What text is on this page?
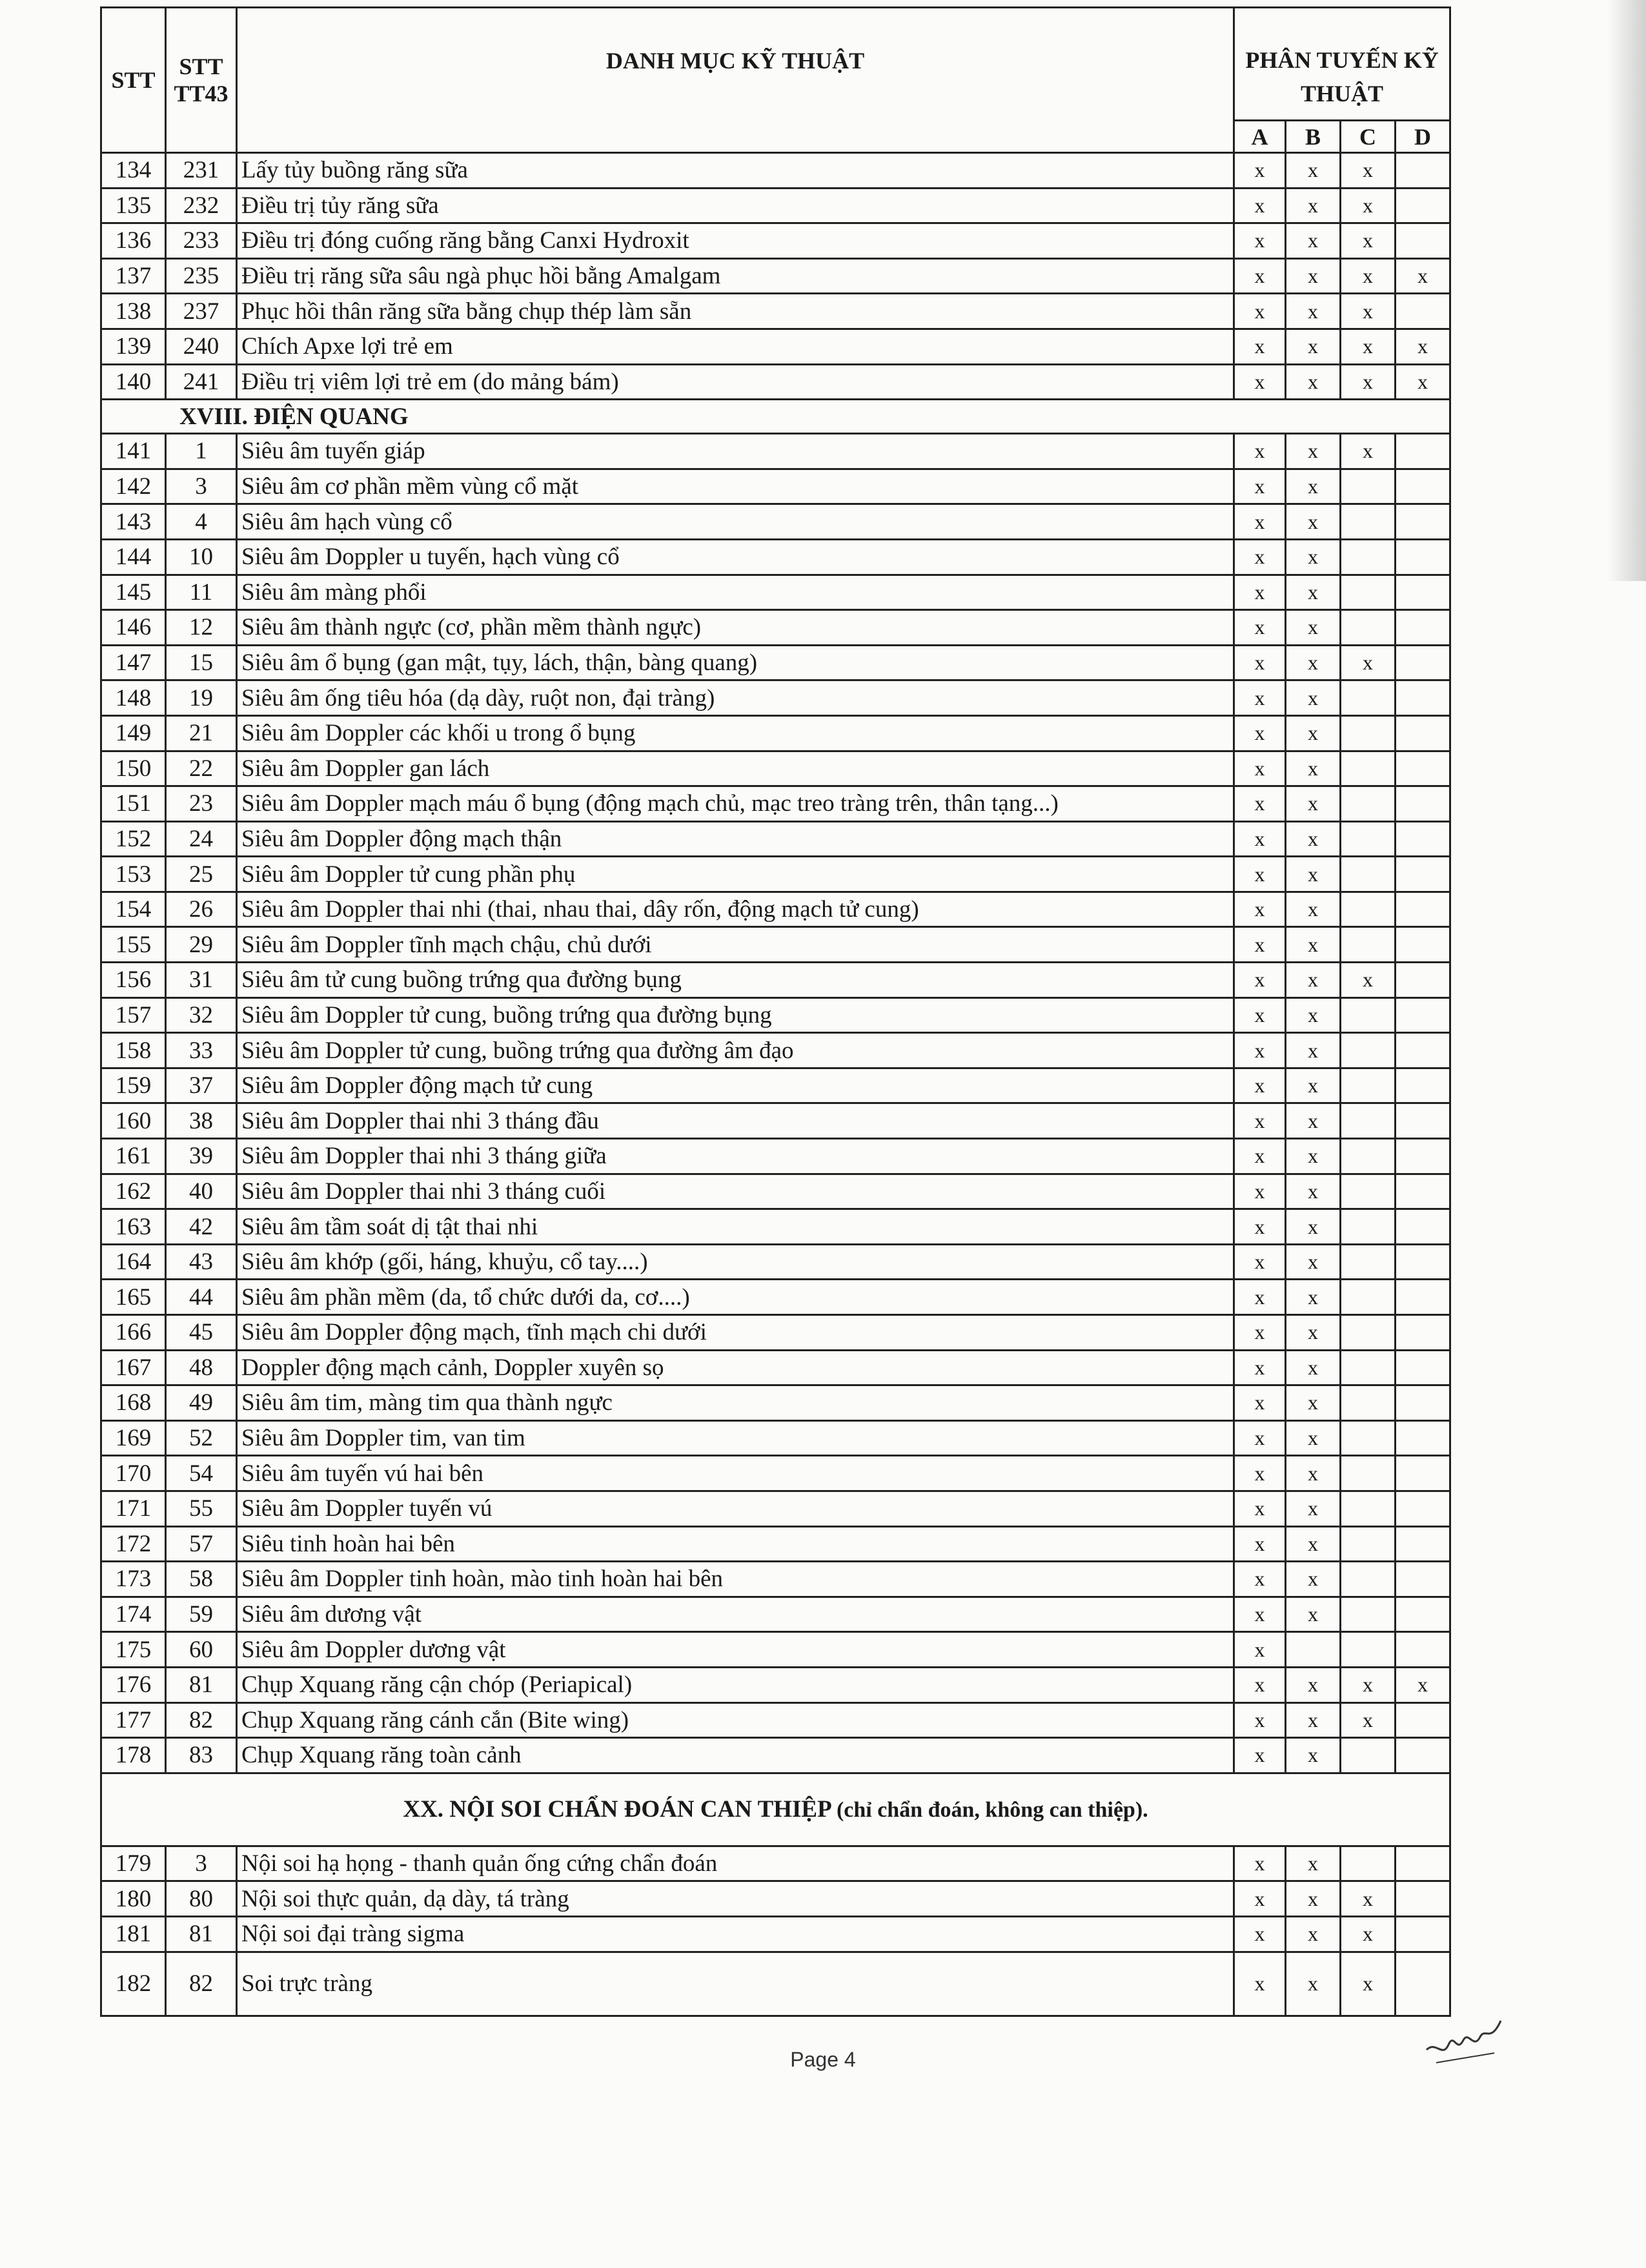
STT	STT TT43	DANH MỤC KỸ THUẬT	PHÂN TUYẾN KỸ THUẬT			
			A	B	C	D
134	231	Lấy tủy buồng răng sữa	x	x	x	
135	232	Điều trị tủy răng sữa	x	x	x	
136	233	Điều trị đóng cuống răng bằng Canxi Hydroxit	x	x	x	
137	235	Điều trị răng sữa sâu ngà phục hồi bằng Amalgam	x	x	x	x
138	237	Phục hồi thân răng sữa bằng chụp thép làm sẵn	x	x	x	
139	240	Chích Apxe lợi trẻ em	x	x	x	x
140	241	Điều trị viêm lợi trẻ em (do mảng bám)	x	x	x	x
XVIII. ĐIỆN QUANG						
141	1	Siêu âm tuyến giáp	x	x	x	
142	3	Siêu âm cơ phần mềm vùng cổ mặt	x	x		
143	4	Siêu âm hạch vùng cổ	x	x		
144	10	Siêu âm Doppler u tuyến, hạch vùng cổ	x	x		
145	11	Siêu âm màng phổi	x	x		
146	12	Siêu âm thành ngực (cơ, phần mềm thành ngực)	x	x		
147	15	Siêu âm ổ bụng (gan mật, tụy, lách, thận, bàng quang)	x	x	x	
148	19	Siêu âm ống tiêu hóa (dạ dày, ruột non, đại tràng)	x	x		
149	21	Siêu âm Doppler các khối u trong ổ bụng	x	x		
150	22	Siêu âm Doppler gan lách	x	x		
151	23	Siêu âm Doppler mạch máu ổ bụng (động mạch chủ, mạc treo tràng trên, thân tạng...)	x	x		
152	24	Siêu âm Doppler động mạch thận	x	x		
153	25	Siêu âm Doppler tử cung phần phụ	x	x		
154	26	Siêu âm Doppler thai nhi (thai, nhau thai, dây rốn, động mạch tử cung)	x	x		
155	29	Siêu âm Doppler tĩnh mạch chậu, chủ dưới	x	x		
156	31	Siêu âm tử cung buồng trứng qua đường bụng	x	x	x	
157	32	Siêu âm Doppler tử cung, buồng trứng qua đường bụng	x	x		
158	33	Siêu âm Doppler tử cung, buồng trứng qua đường âm đạo	x	x		
159	37	Siêu âm Doppler động mạch tử cung	x	x		
160	38	Siêu âm Doppler thai nhi 3 tháng đầu	x	x		
161	39	Siêu âm Doppler thai nhi 3 tháng giữa	x	x		
162	40	Siêu âm Doppler thai nhi 3 tháng cuối	x	x		
163	42	Siêu âm tầm soát dị tật thai nhi	x	x		
164	43	Siêu âm khớp (gối, háng, khuỷu, cổ tay....)	x	x		
165	44	Siêu âm phần mềm (da, tổ chức dưới da, cơ....)	x	x		
166	45	Siêu âm Doppler động mạch, tĩnh mạch chi dưới	x	x		
167	48	Doppler động mạch cảnh, Doppler xuyên sọ	x	x		
168	49	Siêu âm tim, màng tim qua thành ngực	x	x		
169	52	Siêu âm Doppler tim, van tim	x	x		
170	54	Siêu âm tuyến vú hai bên	x	x		
171	55	Siêu âm Doppler tuyến vú	x	x		
172	57	Siêu tinh hoàn hai bên	x	x		
173	58	Siêu âm Doppler tinh hoàn, mào tinh hoàn hai bên	x	x		
174	59	Siêu âm dương vật	x	x		
175	60	Siêu âm Doppler dương vật	x			
176	81	Chụp Xquang răng cận chóp (Periapical)	x	x	x	x
177	82	Chụp Xquang răng cánh cắn (Bite wing)	x	x	x	
178	83	Chụp Xquang răng toàn cảnh	x	x		
XX. NỘI SOI CHẨN ĐOÁN CAN THIỆP (chỉ chẩn đoán, không can thiệp).						
179	3	Nội soi hạ họng - thanh quản ống cứng chẩn đoán	x	x		
180	80	Nội soi thực quản, dạ dày, tá tràng	x	x	x	
181	81	Nội soi đại tràng sigma	x	x	x	
182	82	Soi trực tràng	x	x	x	
Page 4
